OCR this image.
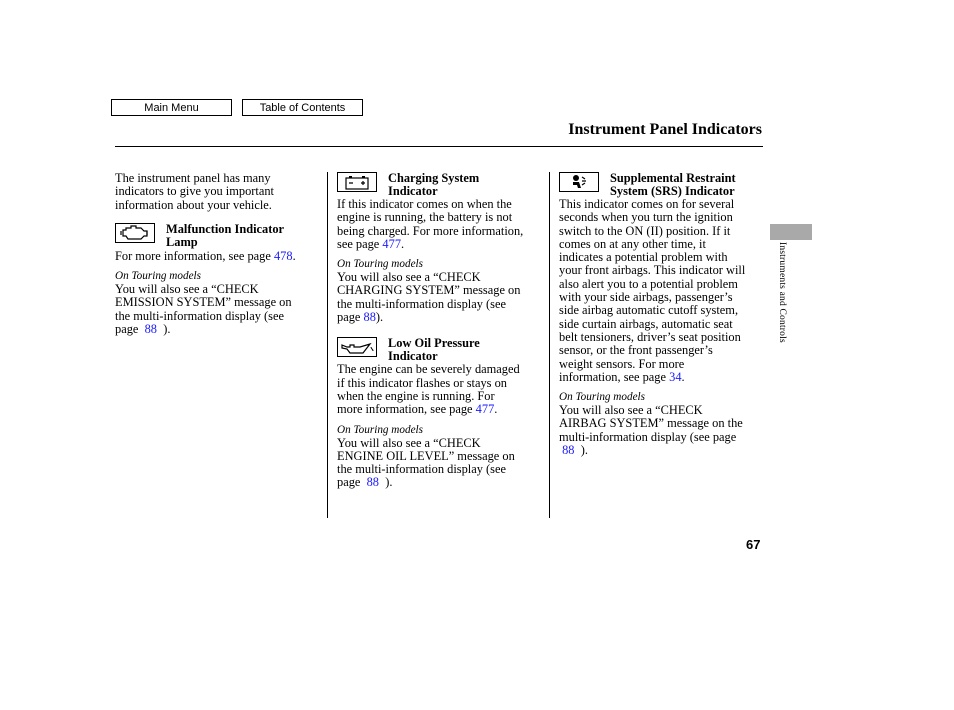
Main Menu	Table of Contents
Instrument Panel Indicators

The instrument panel has many indicators to give you important information about your vehicle.

Malfunction Indicator
Lamp

For more information, see page 478.

On Touring models

You will also see a “CHECK
EMISSION SYSTEM” message on
the multi-information display (see
page 88 ).

Charging System
Indicator

If this indicator comes on when the
engine is running, the battery is not
being charged. For more information,
see page 477.

On Touring models

You will also see a “CHECK
CHARGING SYSTEM” message on
the multi-information display (see
page 88).

Low Oil Pressure
Indicator

The engine can be severely damaged
if this indicator flashes or stays on
when the engine is running. For
more information, see page 477.

On Touring models

You will also see a “CHECK
ENGINE OIL LEVEL” message on
the multi-information display (see
page 88 ).

Supplemental Restraint
System (SRS) Indicator

This indicator comes on for several
seconds when you turn the ignition
switch to the ON (II) position. If it
comes on at any other time, it
indicates a potential problem with
your front airbags. This indicator will
also alert you to a potential problem
with your side airbags, passenger’s
side airbag automatic cutoff system,
side curtain airbags, automatic seat
belt tensioners, driver’s seat position
sensor, or the front passenger’s
weight sensors. For more
information, see page 34.

On Touring models

You will also see a “CHECK
AIRBAG SYSTEM” message on the
multi-information display (see page
88 ).

Instruments and Controls
67
